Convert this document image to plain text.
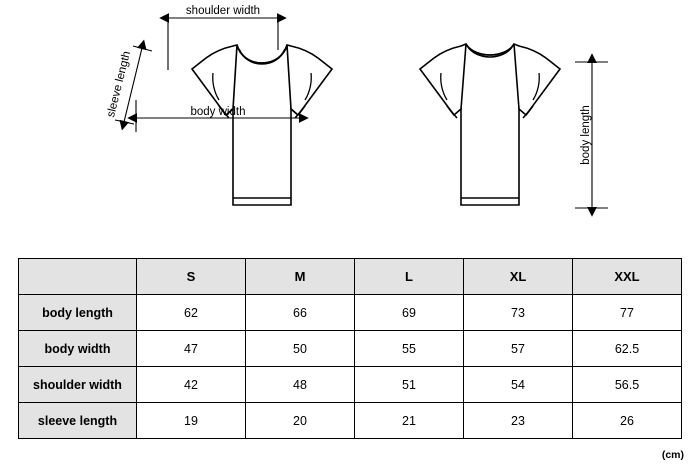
shoulder width
body width
sleeve length
body length
	S	M	L	XL	XXL
body length	62	66	69	73	77
body width	47	50	55	57	62.5
shoulder width	42	48	51	54	56.5
sleeve length	19	20	21	23	26
(cm)
